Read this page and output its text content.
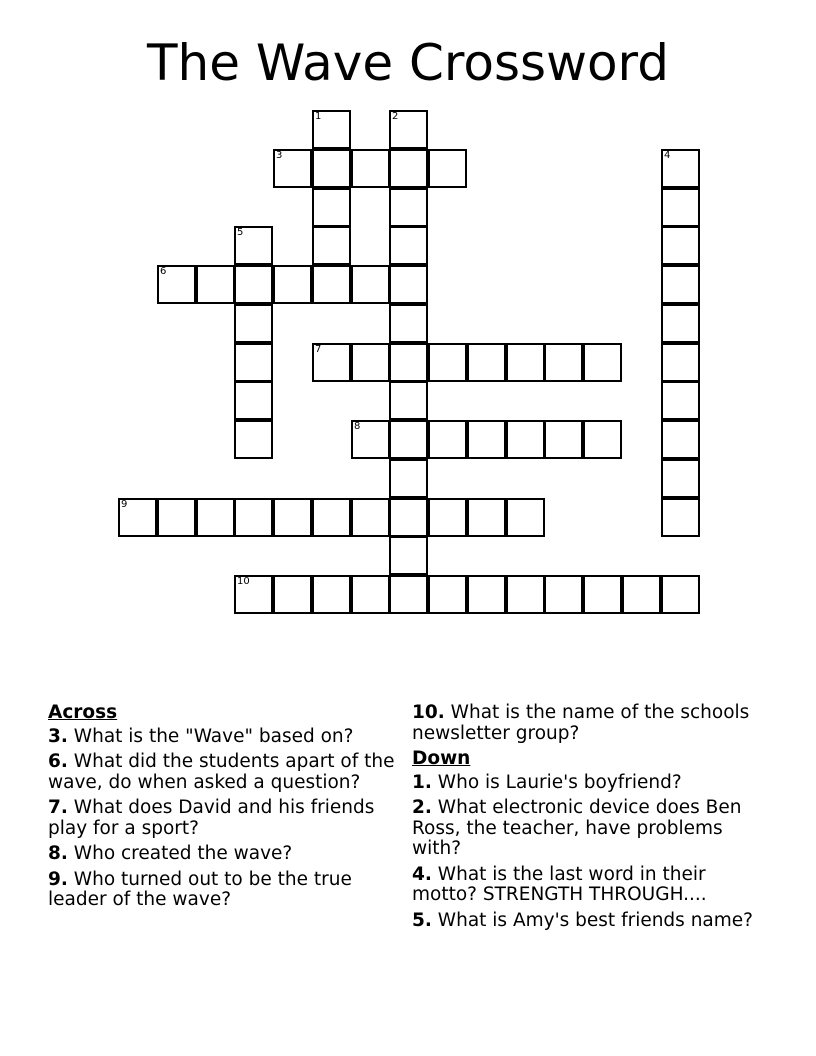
The Wave Crossword
1	2
3	4
5
6
7
8
9
10
Across
3. What is the "Wave" based on?
6. What did the students apart of the wave, do when asked a question?
7. What does David and his friends play for a sport?
8. Who created the wave?
9. Who turned out to be the true leader of the wave?
10. What is the name of the schools newsletter group?
Down
1. Who is Laurie's boyfriend?
2. What electronic device does Ben Ross, the teacher, have problems with?
4. What is the last word in their motto? STRENGTH THROUGH....
5. What is Amy's best friends name?
